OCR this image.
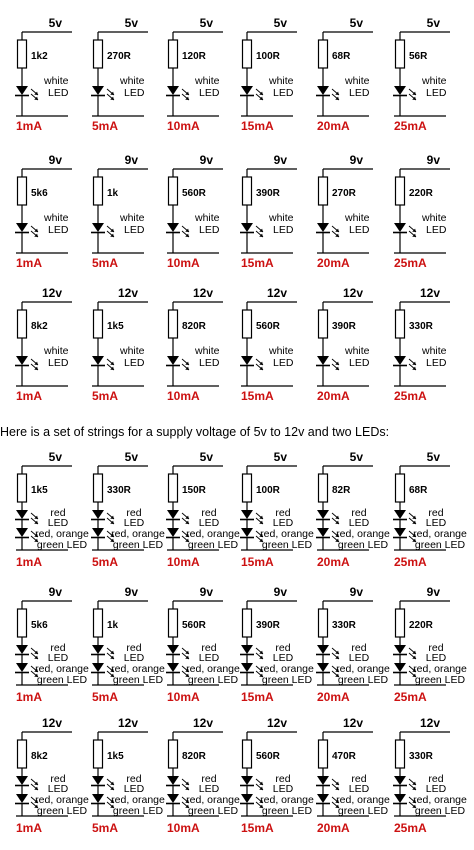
5v
1k2
white
LED
1mA
5v
270R
white
LED
5mA
5v
120R
white
LED
10mA
5v
100R
white
LED
15mA
5v
68R
white
LED
20mA
5v
56R
white
LED
25mA
9v
5k6
white
LED
1mA
9v
1k
white
LED
5mA
9v
560R
white
LED
10mA
9v
390R
white
LED
15mA
9v
270R
white
LED
20mA
9v
220R
white
LED
25mA
12v
8k2
white
LED
1mA
12v
1k5
white
LED
5mA
12v
820R
white
LED
10mA
12v
560R
white
LED
15mA
12v
390R
white
LED
20mA
12v
330R
white
LED
25mA
5v
1k5
red
LED
red, orange
green LED
1mA
5v
330R
red
LED
red, orange
green LED
5mA
5v
150R
red
LED
red, orange
green LED
10mA
5v
100R
red
LED
red, orange
green LED
15mA
5v
82R
red
LED
red, orange
green LED
20mA
5v
68R
red
LED
red, orange
green LED
25mA
9v
5k6
red
LED
red, orange
green LED
1mA
9v
1k
red
LED
red, orange
green LED
5mA
9v
560R
red
LED
red, orange
green LED
10mA
9v
390R
red
LED
red, orange
green LED
15mA
9v
330R
red
LED
red, orange
green LED
20mA
9v
220R
red
LED
red, orange
green LED
25mA
12v
8k2
red
LED
red, orange
green LED
1mA
12v
1k5
red
LED
red, orange
green LED
5mA
12v
820R
red
LED
red, orange
green LED
10mA
12v
560R
red
LED
red, orange
green LED
15mA
12v
470R
red
LED
red, orange
green LED
20mA
12v
330R
red
LED
red, orange
green LED
25mA
Here is a set of strings for a supply voltage of 5v to 12v and two LEDs:
